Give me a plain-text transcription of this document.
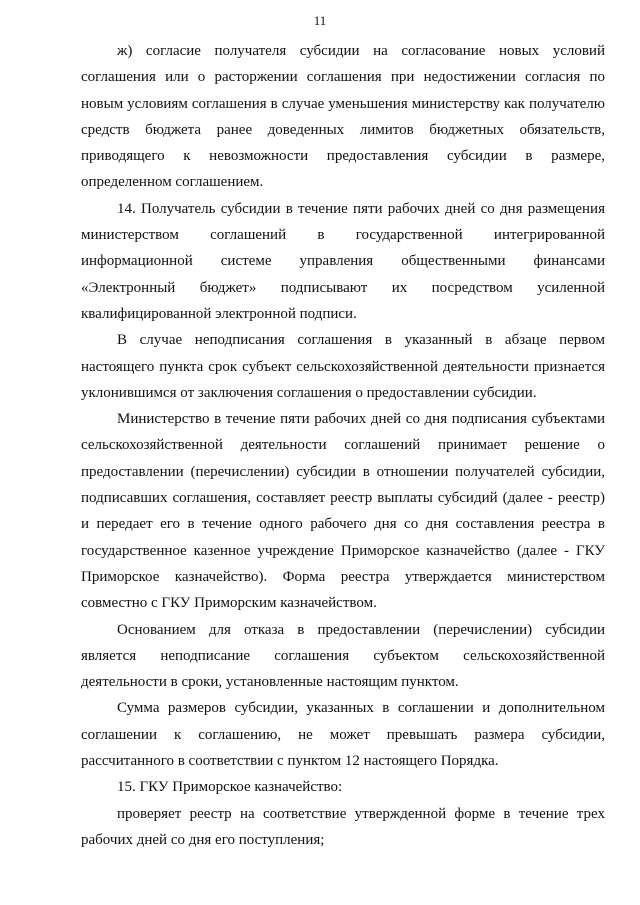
11

ж) согласие получателя субсидии на согласование новых условий соглашения или о расторжении соглашения при недостижении согласия по новым условиям соглашения в случае уменьшения министерству как получателю средств бюджета ранее доведенных лимитов бюджетных обязательств, приводящего к невозможности предоставления субсидии в размере, определенном соглашением.

14. Получатель субсидии в течение пяти рабочих дней со дня размещения министерством соглашений в государственной интегрированной информационной системе управления общественными финансами «Электронный бюджет» подписывают их посредством усиленной квалифицированной электронной подписи.

В случае неподписания соглашения в указанный в абзаце первом настоящего пункта срок субъект сельскохозяйственной деятельности признается уклонившимся от заключения соглашения о предоставлении субсидии.

Министерство в течение пяти рабочих дней со дня подписания субъектами сельскохозяйственной деятельности соглашений принимает решение о предоставлении (перечислении) субсидии в отношении получателей субсидии, подписавших соглашения, составляет реестр выплаты субсидий (далее - реестр) и передает его в течение одного рабочего дня со дня составления реестра в государственное казенное учреждение Приморское казначейство (далее - ГКУ Приморское казначейство). Форма реестра утверждается министерством совместно с ГКУ Приморским казначейством.

Основанием для отказа в предоставлении (перечислении) субсидии является неподписание соглашения субъектом сельскохозяйственной деятельности в сроки, установленные настоящим пунктом.

Сумма размеров субсидии, указанных в соглашении и дополнительном соглашении к соглашению, не может превышать размера субсидии, рассчитанного в соответствии с пунктом 12 настоящего Порядка.

15. ГКУ Приморское казначейство:

проверяет реестр на соответствие утвержденной форме в течение трех рабочих дней со дня его поступления;
